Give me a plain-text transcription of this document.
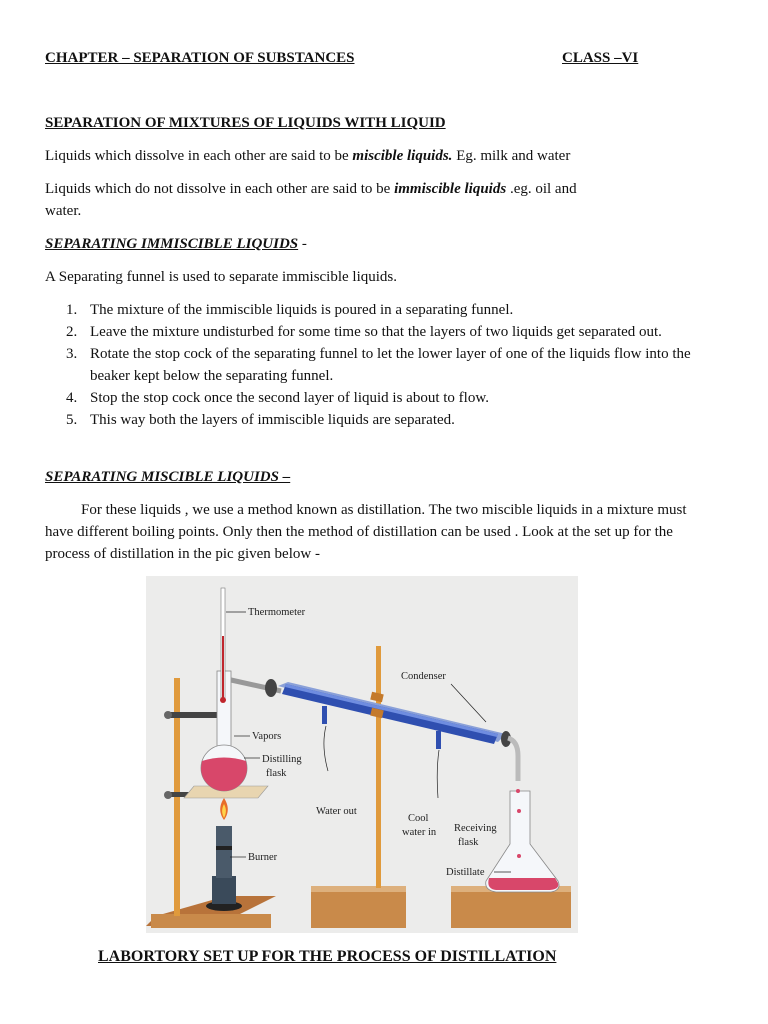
CHAPTER – SEPARATION OF SUBSTANCES	CLASS –VI
SEPARATION OF MIXTURES OF LIQUIDS WITH LIQUID
Liquids which dissolve in each other are said to be miscible liquids. Eg. milk and water
Liquids which do not dissolve in each other are said to be immiscible liquids .eg. oil and
water.
SEPARATING IMMISCIBLE LIQUIDS -
A Separating funnel is used to separate immiscible liquids.
1. The mixture of the immiscible liquids is poured in a separating funnel.
2. Leave the mixture undisturbed for some time so that the layers of two liquids get separated out.
3. Rotate the stop cock of the separating funnel to let the lower layer of one of the liquids flow into the beaker kept below the separating funnel.
4. Stop the stop cock once the second layer of liquid is about to flow.
5. This way both the layers of immiscible liquids are separated.
SEPARATING MISCIBLE LIQUIDS –
For these liquids , we use a method known as distillation. The two miscible liquids in a mixture must have different boiling points. Only then the method of distillation can be used . Look at the set up for the process of distillation in the pic given below -
Thermometer
Condenser
Vapors
Distilling
flask
Water out
Cool
water in Receiving
flask
Burner
Distillate
LABORTORY SET UP FOR THE PROCESS OF DISTILLATION
